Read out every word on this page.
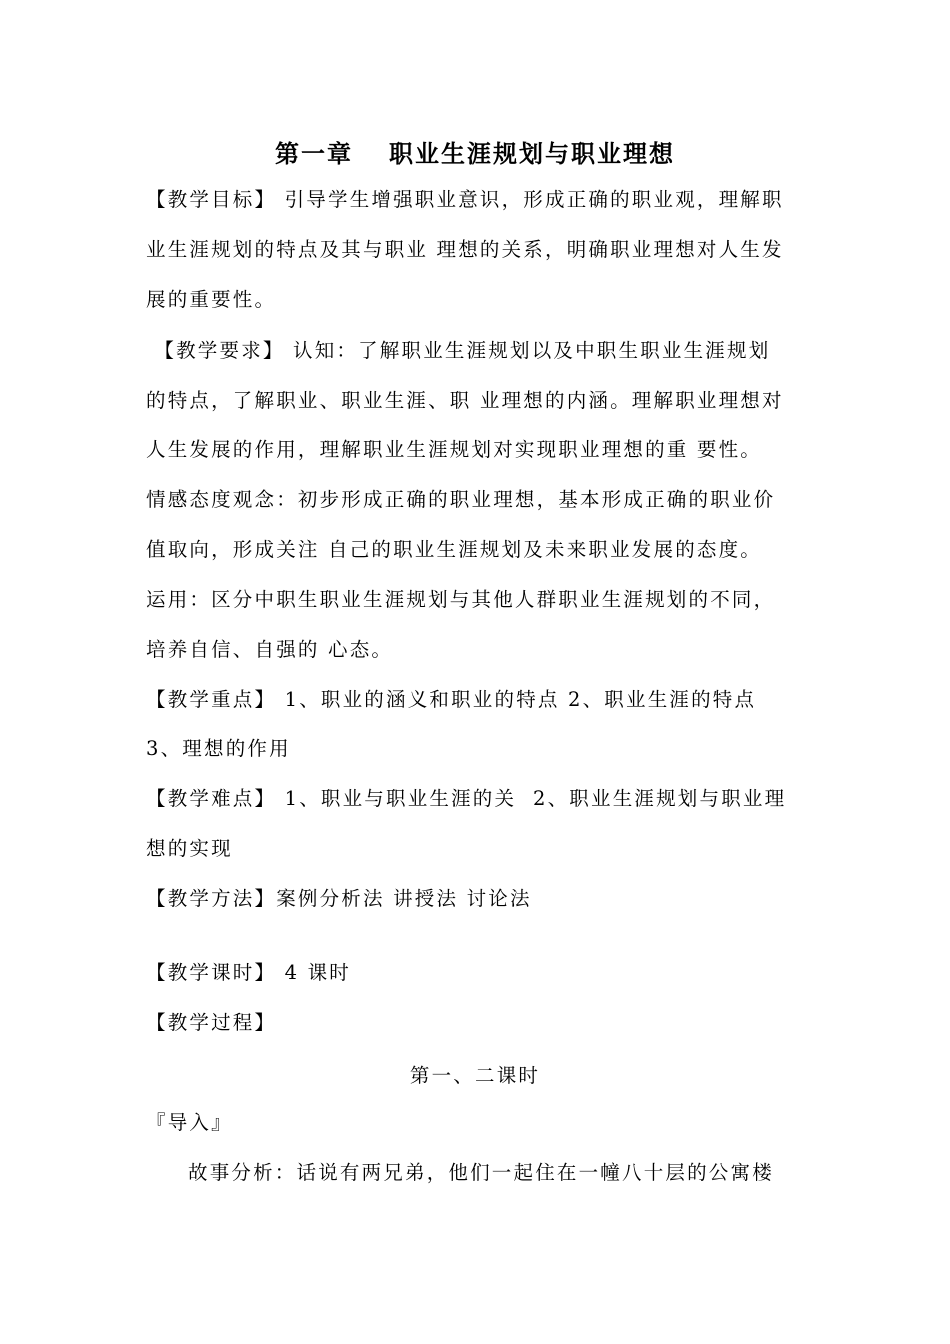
第一章 职业生涯规划与职业理想
【教学目标】 引导学生增强职业意识，形成正确的职业观，理解职
业生涯规划的特点及其与职业 理想的关系，明确职业理想对人生发
展的重要性。
【教学要求】 认知：了解职业生涯规划以及中职生职业生涯规划
的特点，了解职业、职业生涯、职 业理想的内涵。理解职业理想对
人生发展的作用，理解职业生涯规划对实现职业理想的重 要性。
情感态度观念：初步形成正确的职业理想，基本形成正确的职业价
值取向，形成关注 自己的职业生涯规划及未来职业发展的态度。
运用：区分中职生职业生涯规划与其他人群职业生涯规划的不同，
培养自信、自强的 心态。
【教学重点】 1、职业的涵义和职业的特点 2、职业生涯的特点
3、理想的作用
【教学难点】 1、职业与职业生涯的关  2、职业生涯规划与职业理
想的实现
【教学方法】案例分析法 讲授法 讨论法
【教学课时】 4 课时
【教学过程】
第一、二课时
『导入』
故事分析：话说有两兄弟，他们一起住在一幢八十层的公寓楼
